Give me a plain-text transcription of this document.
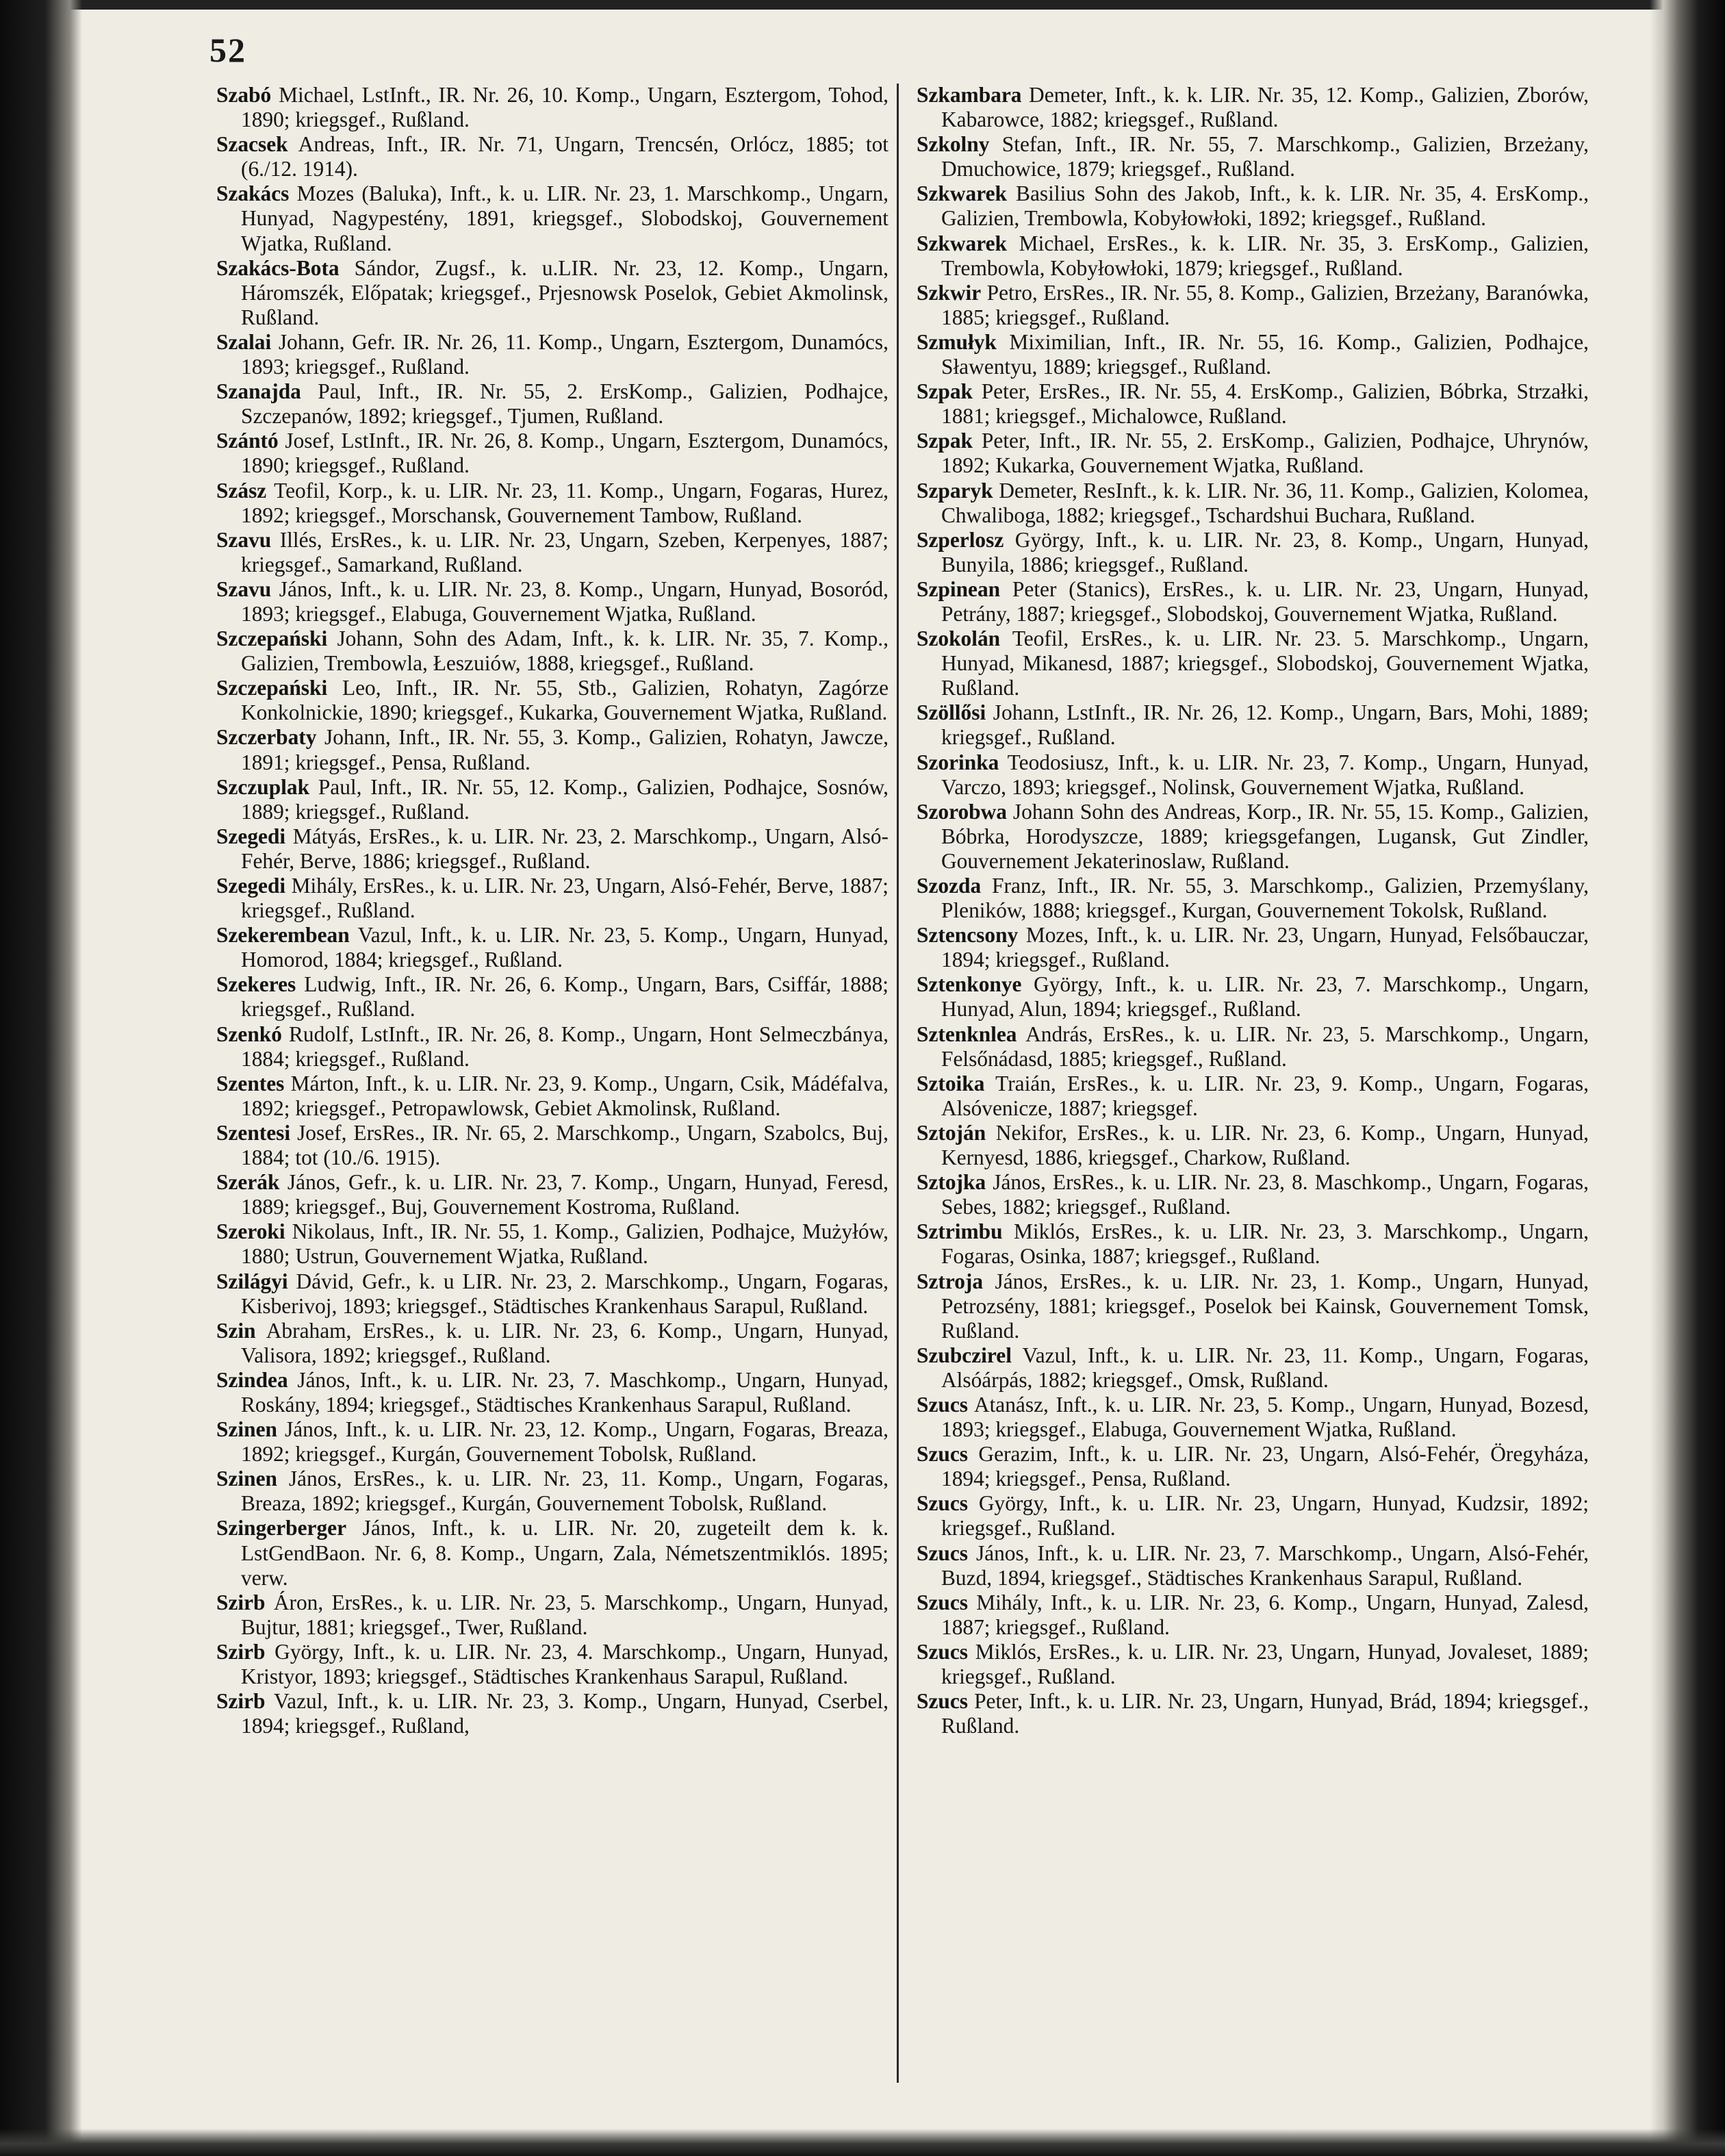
52

Szabó Michael, LstInft., IR. Nr. 26, 10. Komp., Ungarn, Esztergom, Tohod, 1890; kriegsgef., Rußland.

Szacsek Andreas, Inft., IR. Nr. 71, Ungarn, Trencsén, Orlócz, 1885; tot (6./12. 1914).

Szakács Mozes (Baluka), Inft., k. u. LIR. Nr. 23, 1. Marschkomp., Ungarn, Hunyad, Nagypestény, 1891, kriegsgef., Slobodskoj, Gouvernement Wjatka, Rußland.

Szakács-Bota Sándor, Zugsf., k. u.LIR. Nr. 23, 12. Komp., Ungarn, Háromszék, Előpatak; kriegsgef., Prjesnowsk Poselok, Gebiet Akmolinsk, Rußland.

Szalai Johann, Gefr. IR. Nr. 26, 11. Komp., Ungarn, Esztergom, Dunamócs, 1893; kriegsgef., Rußland.

Szanajda Paul, Inft., IR. Nr. 55, 2. ErsKomp., Galizien, Podhajce, Szczepanów, 1892; kriegsgef., Tjumen, Rußland.

Szántó Josef, LstInft., IR. Nr. 26, 8. Komp., Ungarn, Esztergom, Dunamócs, 1890; kriegsgef., Rußland.

Szász Teofil, Korp., k. u. LIR. Nr. 23, 11. Komp., Ungarn, Fogaras, Hurez, 1892; kriegsgef., Morschansk, Gouvernement Tambow, Rußland.

Szavu Illés, ErsRes., k. u. LIR. Nr. 23, Ungarn, Szeben, Kerpenyes, 1887; kriegsgef., Samarkand, Rußland.

Szavu János, Inft., k. u. LIR. Nr. 23, 8. Komp., Ungarn, Hunyad, Bosoród, 1893; kriegsgef., Elabuga, Gouvernement Wjatka, Rußland.

Szczepański Johann, Sohn des Adam, Inft., k. k. LIR. Nr. 35, 7. Komp., Galizien, Trembowla, Łeszuiów, 1888, kriegsgef., Rußland.

Szczepański Leo, Inft., IR. Nr. 55, Stb., Galizien, Rohatyn, Zagórze Konkolnickie, 1890; kriegsgef., Kukarka, Gouvernement Wjatka, Rußland.

Szczerbaty Johann, Inft., IR. Nr. 55, 3. Komp., Galizien, Rohatyn, Jawcze, 1891; kriegsgef., Pensa, Rußland.

Szczuplak Paul, Inft., IR. Nr. 55, 12. Komp., Galizien, Podhajce, Sosnów, 1889; kriegsgef., Rußland.

Szegedi Mátyás, ErsRes., k. u. LIR. Nr. 23, 2. Marschkomp., Ungarn, Alsó-Fehér, Berve, 1886; kriegsgef., Rußland.

Szegedi Mihály, ErsRes., k. u. LIR. Nr. 23, Ungarn, Alsó-Fehér, Berve, 1887; kriegsgef., Rußland.

Szekerembean Vazul, Inft., k. u. LIR. Nr. 23, 5. Komp., Ungarn, Hunyad, Homorod, 1884; kriegsgef., Rußland.

Szekeres Ludwig, Inft., IR. Nr. 26, 6. Komp., Ungarn, Bars, Csiffár, 1888; kriegsgef., Rußland.

Szenkó Rudolf, LstInft., IR. Nr. 26, 8. Komp., Ungarn, Hont Selmeczbánya, 1884; kriegsgef., Rußland.

Szentes Márton, Inft., k. u. LIR. Nr. 23, 9. Komp., Ungarn, Csik, Mádéfalva, 1892; kriegsgef., Petropawlowsk, Gebiet Akmolinsk, Rußland.

Szentesi Josef, ErsRes., IR. Nr. 65, 2. Marschkomp., Ungarn, Szabolcs, Buj, 1884; tot (10./6. 1915).

Szerák János, Gefr., k. u. LIR. Nr. 23, 7. Komp., Ungarn, Hunyad, Feresd, 1889; kriegsgef., Buj, Gouvernement Kostroma, Rußland.

Szeroki Nikolaus, Inft., IR. Nr. 55, 1. Komp., Galizien, Podhajce, Mużyłów, 1880; Ustrun, Gouvernement Wjatka, Rußland.

Szilágyi Dávid, Gefr., k. u LIR. Nr. 23, 2. Marschkomp., Ungarn, Fogaras, Kisberivoj, 1893; kriegsgef., Städtisches Krankenhaus Sarapul, Rußland.

Szin Abraham, ErsRes., k. u. LIR. Nr. 23, 6. Komp., Ungarn, Hunyad, Valisora, 1892; kriegsgef., Rußland.

Szindea János, Inft., k. u. LIR. Nr. 23, 7. Maschkomp., Ungarn, Hunyad, Roskány, 1894; kriegsgef., Städtisches Krankenhaus Sarapul, Rußland.

Szinen János, Inft., k. u. LIR. Nr. 23, 12. Komp., Ungarn, Fogaras, Breaza, 1892; kriegsgef., Kurgán, Gouvernement Tobolsk, Rußland.

Szinen János, ErsRes., k. u. LIR. Nr. 23, 11. Komp., Ungarn, Fogaras, Breaza, 1892; kriegsgef., Kurgán, Gouvernement Tobolsk, Rußland.

Szingerberger János, Inft., k. u. LIR. Nr. 20, zugeteilt dem k. k. LstGendBaon. Nr. 6, 8. Komp., Ungarn, Zala, Németszentmiklós. 1895; verw.

Szirb Áron, ErsRes., k. u. LIR. Nr. 23, 5. Marschkomp., Ungarn, Hunyad, Bujtur, 1881; kriegsgef., Twer, Rußland.

Szirb György, Inft., k. u. LIR. Nr. 23, 4. Marschkomp., Ungarn, Hunyad, Kristyor, 1893; kriegsgef., Städtisches Krankenhaus Sarapul, Rußland.

Szirb Vazul, Inft., k. u. LIR. Nr. 23, 3. Komp., Ungarn, Hunyad, Cserbel, 1894; kriegsgef., Rußland,

Szkambara Demeter, Inft., k. k. LIR. Nr. 35, 12. Komp., Galizien, Zborów, Kabarowce, 1882; kriegsgef., Rußland.

Szkolny Stefan, Inft., IR. Nr. 55, 7. Marschkomp., Galizien, Brzeżany, Dmuchowice, 1879; kriegsgef., Rußland.

Szkwarek Basilius Sohn des Jakob, Inft., k. k. LIR. Nr. 35, 4. ErsKomp., Galizien, Trembowla, Kobyłowłoki, 1892; kriegsgef., Rußland.

Szkwarek Michael, ErsRes., k. k. LIR. Nr. 35, 3. ErsKomp., Galizien, Trembowla, Kobyłowłoki, 1879; kriegsgef., Rußland.

Szkwir Petro, ErsRes., IR. Nr. 55, 8. Komp., Galizien, Brzeżany, Baranówka, 1885; kriegsgef., Rußland.

Szmułyk Miximilian, Inft., IR. Nr. 55, 16. Komp., Galizien, Podhajce, Sławentyu, 1889; kriegsgef., Rußland.

Szpak Peter, ErsRes., IR. Nr. 55, 4. ErsKomp., Galizien, Bóbrka, Strzałki, 1881; kriegsgef., Michalowce, Rußland.

Szpak Peter, Inft., IR. Nr. 55, 2. ErsKomp., Galizien, Podhajce, Uhrynów, 1892; Kukarka, Gouvernement Wjatka, Rußland.

Szparyk Demeter, ResInft., k. k. LIR. Nr. 36, 11. Komp., Galizien, Kolomea, Chwaliboga, 1882; kriegsgef., Tschardshui Buchara, Rußland.

Szperlosz György, Inft., k. u. LIR. Nr. 23, 8. Komp., Ungarn, Hunyad, Bunyila, 1886; kriegsgef., Rußland.

Szpinean Peter (Stanics), ErsRes., k. u. LIR. Nr. 23, Ungarn, Hunyad, Petrány, 1887; kriegsgef., Slobodskoj, Gouvernement Wjatka, Rußland.

Szokolán Teofil, ErsRes., k. u. LIR. Nr. 23. 5. Marschkomp., Ungarn, Hunyad, Mikanesd, 1887; kriegsgef., Slobodskoj, Gouvernement Wjatka, Rußland.

Szöllősi Johann, LstInft., IR. Nr. 26, 12. Komp., Ungarn, Bars, Mohi, 1889; kriegsgef., Rußland.

Szorinka Teodosiusz, Inft., k. u. LIR. Nr. 23, 7. Komp., Ungarn, Hunyad, Varczo, 1893; kriegsgef., Nolinsk, Gouvernement Wjatka, Rußland.

Szorobwa Johann Sohn des Andreas, Korp., IR. Nr. 55, 15. Komp., Galizien, Bóbrka, Horodyszcze, 1889; kriegsgefangen, Lugansk, Gut Zindler, Gouvernement Jekaterinoslaw, Rußland.

Szozda Franz, Inft., IR. Nr. 55, 3. Marschkomp., Galizien, Przemyślany, Pleników, 1888; kriegsgef., Kurgan, Gouvernement Tokolsk, Rußland.

Sztencsony Mozes, Inft., k. u. LIR. Nr. 23, Ungarn, Hunyad, Felsőbauczar, 1894; kriegsgef., Rußland.

Sztenkonye György, Inft., k. u. LIR. Nr. 23, 7. Marschkomp., Ungarn, Hunyad, Alun, 1894; kriegsgef., Rußland.

Sztenknlea András, ErsRes., k. u. LIR. Nr. 23, 5. Marschkomp., Ungarn, Felsőnádasd, 1885; kriegsgef., Rußland.

Sztoika Traián, ErsRes., k. u. LIR. Nr. 23, 9. Komp., Ungarn, Fogaras, Alsóvenicze, 1887; kriegsgef.

Sztoján Nekifor, ErsRes., k. u. LIR. Nr. 23, 6. Komp., Ungarn, Hunyad, Kernyesd, 1886, kriegsgef., Charkow, Rußland.

Sztojka János, ErsRes., k. u. LIR. Nr. 23, 8. Maschkomp., Ungarn, Fogaras, Sebes, 1882; kriegsgef., Rußland.

Sztrimbu Miklós, ErsRes., k. u. LIR. Nr. 23, 3. Marschkomp., Ungarn, Fogaras, Osinka, 1887; kriegsgef., Rußland.

Sztroja János, ErsRes., k. u. LIR. Nr. 23, 1. Komp., Ungarn, Hunyad, Petrozsény, 1881; kriegsgef., Poselok bei Kainsk, Gouvernement Tomsk, Rußland.

Szubczirel Vazul, Inft., k. u. LIR. Nr. 23, 11. Komp., Ungarn, Fogaras, Alsóárpás, 1882; kriegsgef., Omsk, Rußland.

Szucs Atanász, Inft., k. u. LIR. Nr. 23, 5. Komp., Ungarn, Hunyad, Bozesd, 1893; kriegsgef., Elabuga, Gouvernement Wjatka, Rußland.

Szucs Gerazim, Inft., k. u. LIR. Nr. 23, Ungarn, Alsó-Fehér, Öregyháza, 1894; kriegsgef., Pensa, Rußland.

Szucs György, Inft., k. u. LIR. Nr. 23, Ungarn, Hunyad, Kudzsir, 1892; kriegsgef., Rußland.

Szucs János, Inft., k. u. LIR. Nr. 23, 7. Marschkomp., Ungarn, Alsó-Fehér, Buzd, 1894, kriegsgef., Städtisches Krankenhaus Sarapul, Rußland.

Szucs Mihály, Inft., k. u. LIR. Nr. 23, 6. Komp., Ungarn, Hunyad, Zalesd, 1887; kriegsgef., Rußland.

Szucs Miklós, ErsRes., k. u. LIR. Nr. 23, Ungarn, Hunyad, Jovaleset, 1889; kriegsgef., Rußland.

Szucs Peter, Inft., k. u. LIR. Nr. 23, Ungarn, Hunyad, Brád, 1894; kriegsgef., Rußland.
